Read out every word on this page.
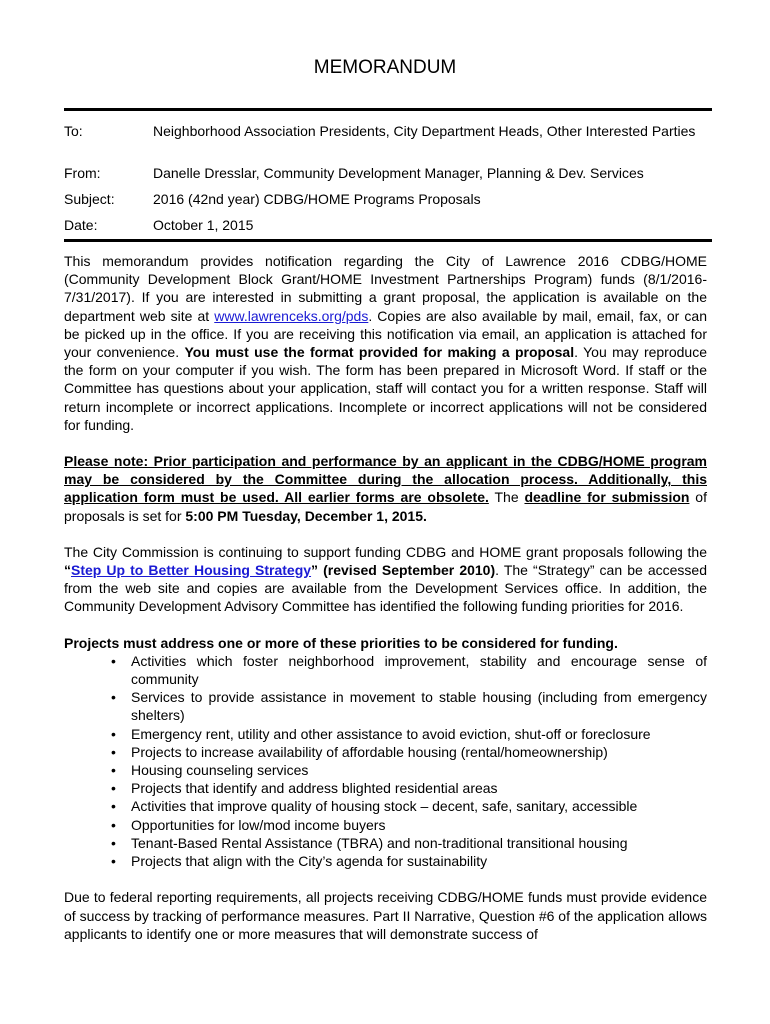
MEMORANDUM
To:	Neighborhood Association Presidents, City Department Heads, Other Interested Parties
From:	Danelle Dresslar, Community Development Manager, Planning & Dev. Services
Subject:	2016 (42nd year) CDBG/HOME Programs Proposals
Date:	October 1, 2015

This memorandum provides notification regarding the City of Lawrence 2016 CDBG/HOME (Community Development Block Grant/HOME Investment Partnerships Program) funds (8/1/2016-7/31/2017). If you are interested in submitting a grant proposal, the application is available on the department web site at www.lawrenceks.org/pds. Copies are also available by mail, email, fax, or can be picked up in the office. If you are receiving this notification via email, an application is attached for your convenience. You must use the format provided for making a proposal. You may reproduce the form on your computer if you wish. The form has been prepared in Microsoft Word. If staff or the Committee has questions about your application, staff will contact you for a written response. Staff will return incomplete or incorrect applications. Incomplete or incorrect applications will not be considered for funding.

Please note: Prior participation and performance by an applicant in the CDBG/HOME program may be considered by the Committee during the allocation process. Additionally, this application form must be used. All earlier forms are obsolete. The deadline for submission of proposals is set for 5:00 PM Tuesday, December 1, 2015.

The City Commission is continuing to support funding CDBG and HOME grant proposals following the “Step Up to Better Housing Strategy” (revised September 2010). The “Strategy” can be accessed from the web site and copies are available from the Development Services office. In addition, the Community Development Advisory Committee has identified the following funding priorities for 2016.

Projects must address one or more of these priorities to be considered for funding.

• Activities which foster neighborhood improvement, stability and encourage sense of community
• Services to provide assistance in movement to stable housing (including from emergency shelters)
• Emergency rent, utility and other assistance to avoid eviction, shut-off or foreclosure
• Projects to increase availability of affordable housing (rental/homeownership)
• Housing counseling services
• Projects that identify and address blighted residential areas
• Activities that improve quality of housing stock – decent, safe, sanitary, accessible
• Opportunities for low/mod income buyers
• Tenant-Based Rental Assistance (TBRA) and non-traditional transitional housing
• Projects that align with the City’s agenda for sustainability

Due to federal reporting requirements, all projects receiving CDBG/HOME funds must provide evidence of success by tracking of performance measures. Part II Narrative, Question #6 of the application allows applicants to identify one or more measures that will demonstrate success of
